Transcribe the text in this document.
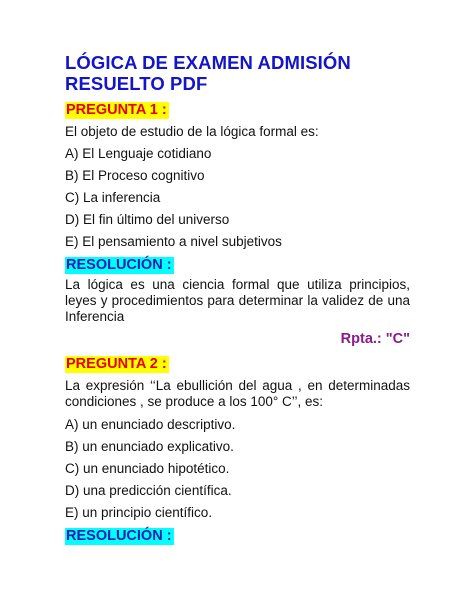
LÓGICA DE EXAMEN ADMISIÓN RESUELTO PDF
PREGUNTA 1 :
El objeto de estudio de la lógica formal es:
A) El Lenguaje cotidiano
B) El Proceso cognitivo
C) La inferencia
D) El fin último del universo
E) El pensamiento a nivel subjetivos
RESOLUCIÓN :
La lógica es una ciencia formal que utiliza principios, leyes y procedimientos para determinar la validez de una Inferencia
Rpta.: "C"
PREGUNTA 2 :
La expresión ‘‘La ebullición del agua , en determinadas condiciones , se produce a los 100° C’’, es:
A) un enunciado descriptivo.
B) un enunciado explicativo.
C) un enunciado hipotético.
D) una predicción científica.
E) un principio científico.
RESOLUCIÓN :
